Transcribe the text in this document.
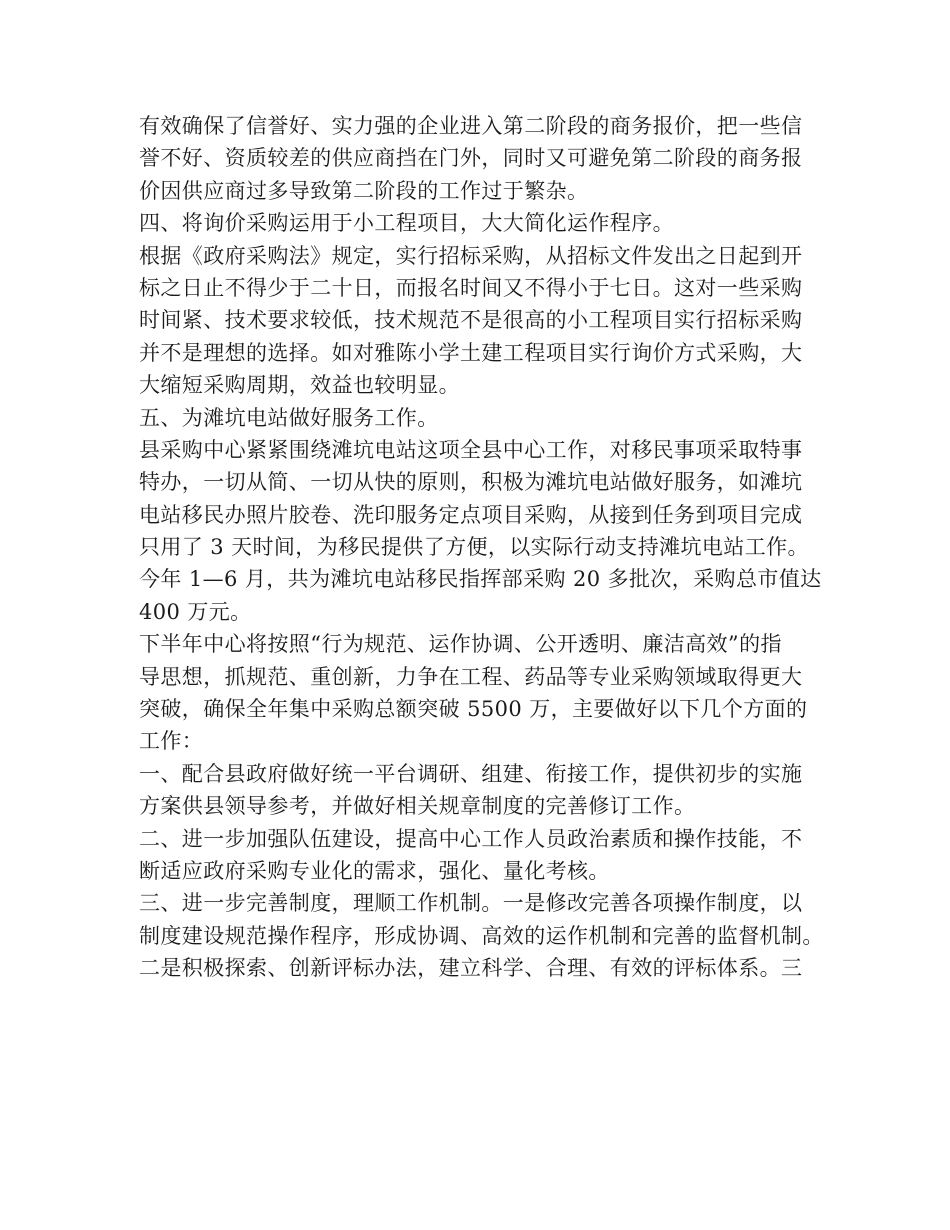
有效确保了信誉好、实力强的企业进入第二阶段的商务报价，把一些信
誉不好、资质较差的供应商挡在门外，同时又可避免第二阶段的商务报
价因供应商过多导致第二阶段的工作过于繁杂。
四、将询价采购运用于小工程项目，大大简化运作程序。
根据《政府采购法》规定，实行招标采购，从招标文件发出之日起到开
标之日止不得少于二十日，而报名时间又不得小于七日。这对一些采购
时间紧、技术要求较低，技术规范不是很高的小工程项目实行招标采购
并不是理想的选择。如对雅陈小学土建工程项目实行询价方式采购，大
大缩短采购周期，效益也较明显。
五、为滩坑电站做好服务工作。
县采购中心紧紧围绕滩坑电站这项全县中心工作，对移民事项采取特事
特办，一切从简、一切从快的原则，积极为滩坑电站做好服务，如滩坑
电站移民办照片胶卷、洗印服务定点项目采购，从接到任务到项目完成
只用了 3 天时间，为移民提供了方便，以实际行动支持滩坑电站工作。
今年 1—6 月，共为滩坑电站移民指挥部采购 20 多批次，采购总市值达
400 万元。
下半年中心将按照“行为规范、运作协调、公开透明、廉洁高效”的指
导思想，抓规范、重创新，力争在工程、药品等专业采购领域取得更大
突破，确保全年集中采购总额突破 5500 万，主要做好以下几个方面的
工作：
一、配合县政府做好统一平台调研、组建、衔接工作，提供初步的实施
方案供县领导参考，并做好相关规章制度的完善修订工作。
二、进一步加强队伍建设，提高中心工作人员政治素质和操作技能，不
断适应政府采购专业化的需求，强化、量化考核。
三、进一步完善制度，理顺工作机制。一是修改完善各项操作制度，以
制度建设规范操作程序，形成协调、高效的运作机制和完善的监督机制。
二是积极探索、创新评标办法，建立科学、合理、有效的评标体系。三
